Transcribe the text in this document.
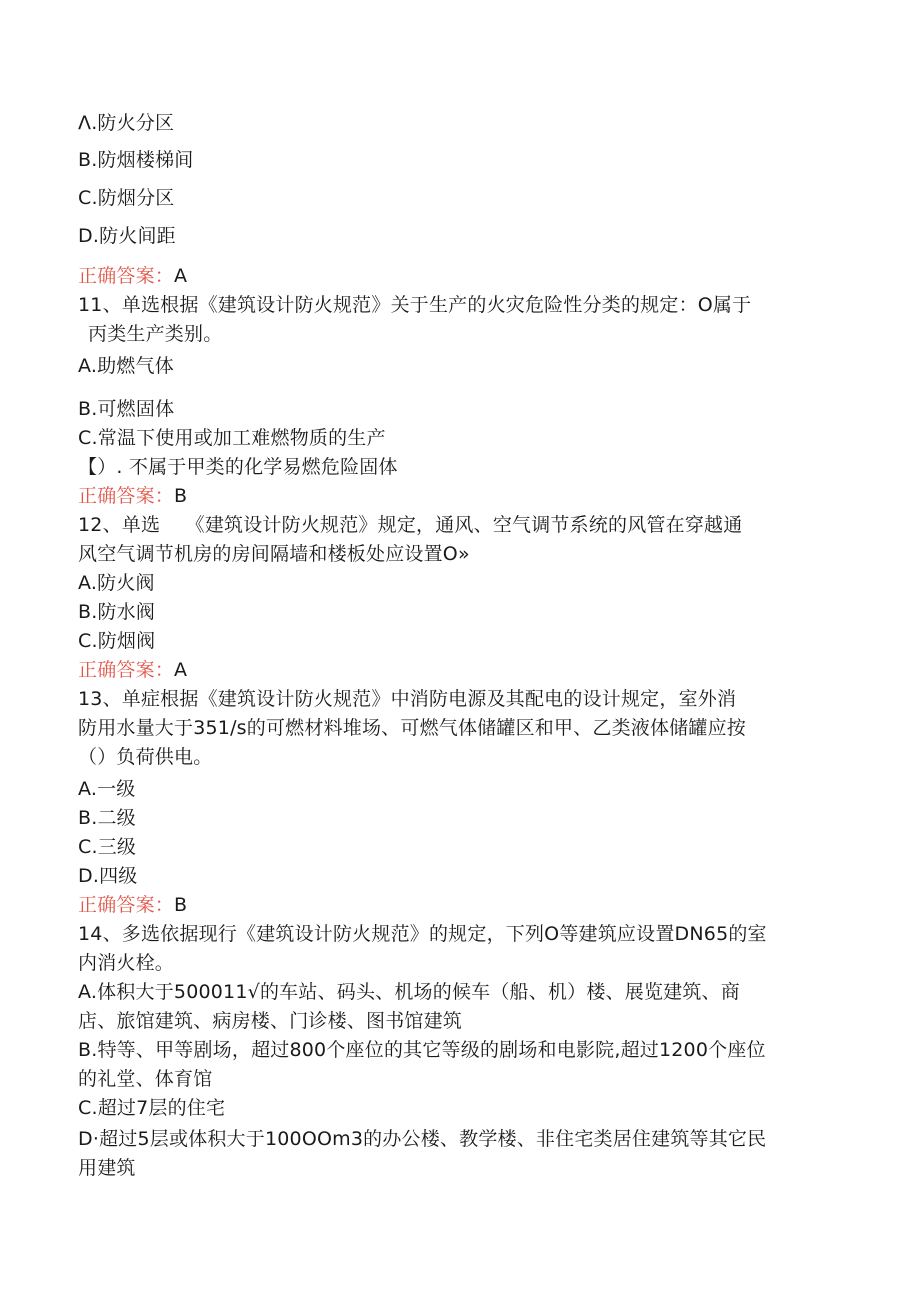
Λ.防火分区
B.防烟楼梯间
C.防烟分区
D.防火间距
正确答案：A
11、单选根据《建筑设计防火规范》关于生产的火灾危险性分类的规定：O属于
丙类生产类别。
A.助燃气体
B.可燃固体
C.常温下使用或加工难燃物质的生产
【）. 不属于甲类的化学易燃危险固体
正确答案：B
12、单选　 《建筑设计防火规范》规定，通风、空气调节系统的风管在穿越通
风空气调节机房的房间隔墙和楼板处应设置O»
A.防火阀
B.防水阀
C.防烟阀
正确答案：A
13、单症根据《建筑设计防火规范》中消防电源及其配电的设计规定，室外消
防用水量大于351∕s的可燃材料堆场、可燃气体储罐区和甲、乙类液体储罐应按
（）负荷供电。
A.一级
B.二级
C.三级
D.四级
正确答案：B
14、多选依据现行《建筑设计防火规范》的规定，下列O等建筑应设置DN65的室
内消火栓。
A.体积大于500011√的车站、码头、机场的候车（船、机）楼、展览建筑、商
店、旅馆建筑、病房楼、门诊楼、图书馆建筑
B.特等、甲等剧场，超过800个座位的其它等级的剧场和电影院,超过1200个座位
的礼堂、体育馆
C.超过7层的住宅
D·超过5层或体积大于100OOm3的办公楼、教学楼、非住宅类居住建筑等其它民
用建筑
